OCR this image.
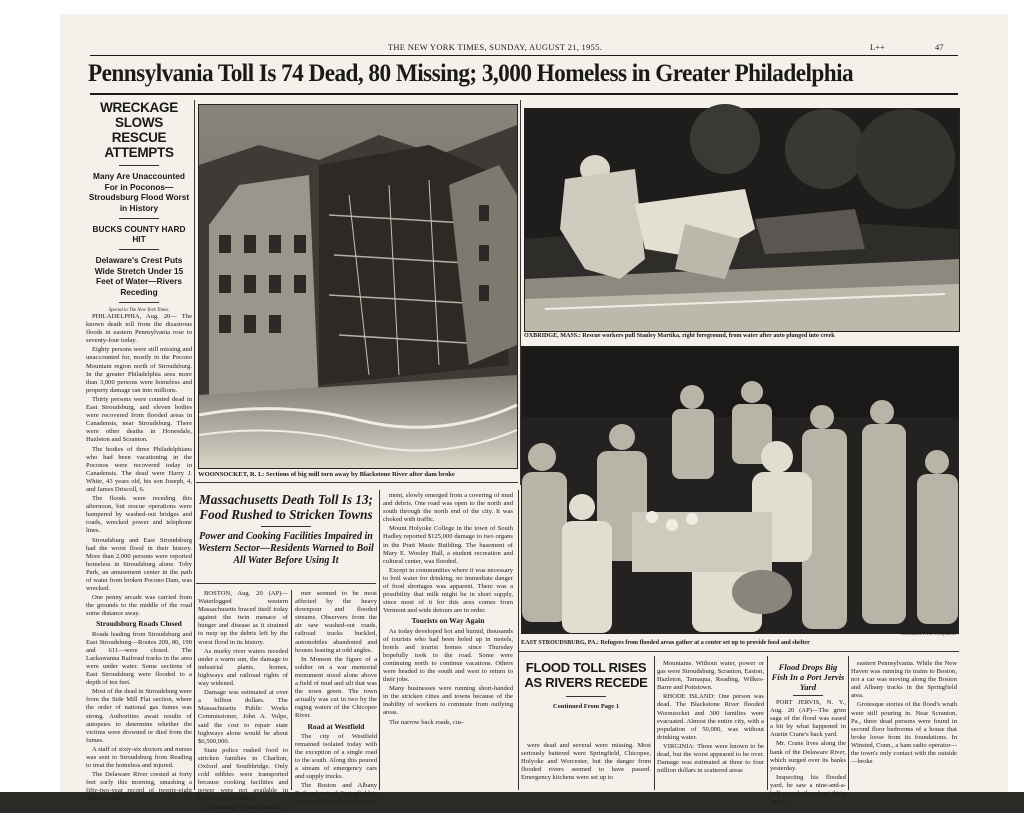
THE NEW YORK TIMES, SUNDAY, AUGUST 21, 1955.	L++	47
Pennsylvania Toll Is 74 Dead, 80 Missing; 3,000 Homeless in Greater Philadelphia
WRECKAGE SLOWS
RESCUE ATTEMPTS
Many Are Unaccounted For in Poconos—Stroudsburg Flood Worst in History
BUCKS COUNTY HARD HIT
Delaware's Crest Puts Wide Stretch Under 15 Feet of Water—Rivers Receding
Special to The New York Times.

PHILADELPHIA, Aug. 20— The known death toll from the disastrous floods in eastern Pennsylvania rose to seventy-four today.

Eighty persons were still missing and unaccounted for, mostly in the Pocono Mountain region north of Stroudsburg. In the greater Philadelphia area more than 3,000 persons were homeless and property damage ran into millions.

Thirty persons were counted dead in East Stroudsburg, and eleven bodies were recovered from flooded areas in Canadensis, near Stroudsburg. There were other deaths in Honesdale, Hazleton and Scranton.

The bodies of three Philadelphians who had been vacationing in the Poconos were recovered today in Canadensis. The dead were Harry J. White, 43 years old, his son Joseph, 4, and James Driscoll, 6.

The floods were receding this afternoon, but rescue operations were hampered by washed-out bridges and roads, wrecked power and telephone lines.

Stroudsburg and East Stroudsburg had the worst flood in their history. More than 2,000 persons were reported homeless in Stroudsburg alone. Toby Park, an amusement center in the path of water from broken Pocono Dam, was wrecked.

One penny arcade was carried from the grounds to the middle of the road some distance away.

Stroudsburg Roads Closed

Roads leading from Stroudsburg and East Stroudsburg—Routes 209, 80, 190 and 611—were closed. The Lackawanna Railroad tracks in the area were under water. Some sections of East Stroudsburg were flooded to a depth of ten feet.

Most of the dead in Stroudsburg were from the Side Mill Flat section, where the order of national gas fumes was strong. Authorities await results of autopsies to determine whether the victims were drowned or died from the fumes.

A staff of sixty-six doctors and nurses was sent to Stroudsburg from Reading to treat the homeless and injured.

The Delaware River crested at forty feet early this morning, smashing a fifty-two-year record of twenty-eight and one-tenth

WOONSOCKET, R. I.: Sections of big mill torn away by Blackstone River after dam broke
OXBRIDGE, MASS.: Rescue workers pull Stanley Martika, right foreground, from water after auto plunged into creek
Associated Press Wirephotos
EAST STROUDSBURG, PA.: Refugees from flooded areas gather at a center set up to provide food and shelter
Massachusetts Death Toll Is 13; Food Rushed to Stricken Towns
Power and Cooking Facilities Impaired in Western Sector—Residents Warned to Boil All Water Before Using It

BOSTON, Aug. 20 (AP)—Waterlogged western Massachusetts braced itself today against the twin menace of hunger and disease as it strained to mop up the debris left by the worst flood in its history.

As murky river waters receded under a warm sun, the damage to industrial plants, homes, highways and railroad rights of way widened.

Damage was estimated at over a billion dollars. The Massachusetts Public Works Commissioner, John A. Volpe, said the cost to repair state highways alone would be about $6,500,000.

State police rushed food to stricken families in Charlton, Oxford and Southbridge. Only cold edibles were transported because cooking facilities and power were not available in several communities.

The shortage of water and the

mer seemed to be most affected by the heavy downpour and flooded streams. Observers from the air saw washed-out roads, railroad tracks buckled, automobiles abandoned and houses leaning at odd angles.

In Monson the figure of a soldier on a war memorial monument stood alone above a field of mud and silt that was the town green. The town actually was cut in two by the raging waters of the Chicopee River.

Road at Westfield

The city of Westfield remained isolated today with the exception of a single road to the south. Along this poured a stream of emergency cars and supply trucks.

The Boston and Albany Railroad out of Springfield is expected to be idle for several

ment, slowly emerged from a covering of mud and debris. One road was open to the north and south through the north end of the city. It was choked with traffic.

Mount Holyoke College in the town of South Hadley reported $125,000 damage to two organs in the Pratt Music Building. The basement of Mary E. Wooley Hall, a student recreation and cultural center, was flooded.

Except in communities where it was necessary to boil water for drinking, no immediate danger of food shortages was apparent. There was a possibility that milk might be in short supply, since most of it for this area comes from Vermont and wide detours are in order.

Tourists on Way Again

As today developed hot and humid, thousands of tourists who had been holed up in motels, hotels and tourist homes since Thursday hopefully took to the road. Some were continuing north to continue vacations. Others were headed to the south and west to return to their jobs.

Many businesses were running short-handed in the stricken cities and towns because of the inability of workers to commute from outlying areas.

The narrow back roads, cus-

FLOOD TOLL RISES
AS RIVERS RECEDE
Continued From Page 1

were dead and several were missing. Most seriously battered were Springfield, Chicopee, Holyoke and Worcester, but the danger from flooded rivers seemed to have passed. Emergency kitchens were set up to

Mountains. Without water, power or gas were Stroudsburg, Scranton, Easton, Hazleton, Tamaqua, Reading, Wilkes-Barre and Pottstown.

RHODE ISLAND: One person was dead. The Blackstone River flooded Woonsocket and 300 families were evacuated. Almost the entire city, with a population of 50,000, was without drinking water.

VIRGINIA: Three were known to be dead, but the worst appeared to be over. Damage was estimated at three to four million dollars in scattered areas

Flood Drops Big Fish In a Port Jervis Yard

PORT JERVIS, N. Y., Aug. 20 (AP)—The grim saga of the flood was eased a bit by what happened in Austin Crane's back yard.

Mr. Crane lives along the bank of the Delaware River, which surged over its banks yesterday.

Inspecting his flooded yard, he saw a nine-and-a-half-pound pike, about thirty inches

eastern Pennsylvania. While the New Haven was running its trains to Boston, not a car was moving along the Boston and Albany tracks in the Springfield area.

Grotesque stories of the flood's wrath were still pouring in. Near Scranton, Pa., three dead persons were found in second floor bedrooms of a house that broke loose from its foundations. In Winsted, Conn., a ham radio operator—the town's only contact with the outside—broke
